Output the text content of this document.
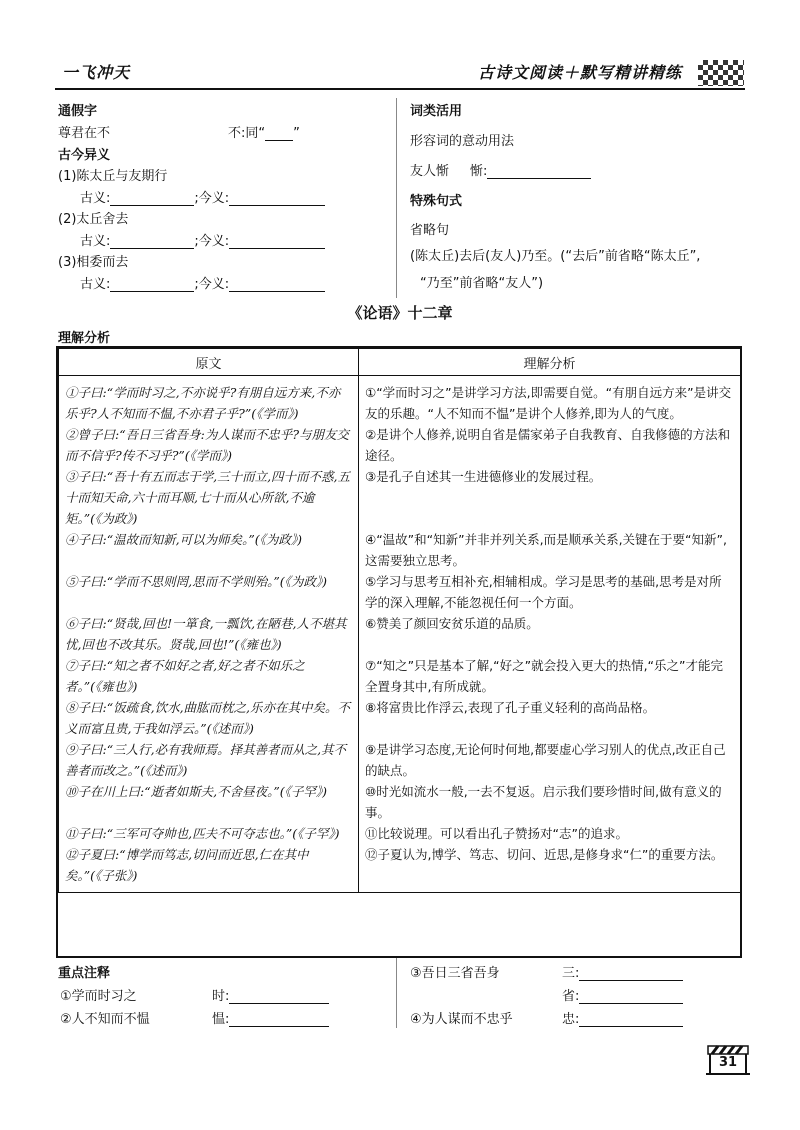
一飞冲天	古诗文阅读＋默写精讲精练
通假字
尊君在不	不:同“ ”
古今异义
(1)陈太丘与友期行
古义:	;今义:
(2)太丘舍去
古义:	;今义:
(3)相委而去
古义:	;今义:
词类活用
形容词的意动用法
友人惭 惭:
特殊句式
省略句
(陈太丘)去后(友人)乃至。(“去后”前省略“陈太丘”,
“乃至”前省略“友人”)
《论语》十二章
理解分析
原文	理解分析
①子曰:“学而时习之,不亦说乎?有朋自远方来,不亦乐乎?人不知而不愠,不亦君子乎?”(《学而》)	①“学而时习之”是讲学习方法,即需要自觉。“有朋自远方来”是讲交友的乐趣。“人不知而不愠”是讲个人修养,即为人的气度。
②曾子曰:“吾日三省吾身:为人谋而不忠乎?与朋友交而不信乎?传不习乎?”(《学而》)	②是讲个人修养,说明自省是儒家弟子自我教育、自我修德的方法和途径。
③子曰:“吾十有五而志于学,三十而立,四十而不惑,五十而知天命,六十而耳顺,七十而从心所欲,不逾矩。”(《为政》)	③是孔子自述其一生进德修业的发展过程。
④子曰:“温故而知新,可以为师矣。”(《为政》)	④“温故”和“知新”并非并列关系,而是顺承关系,关键在于要“知新”,这需要独立思考。
⑤子曰:“学而不思则罔,思而不学则殆。”(《为政》)	⑤学习与思考互相补充,相辅相成。学习是思考的基础,思考是对所学的深入理解,不能忽视任何一个方面。
⑥子曰:“贤哉,回也!一箪食,一瓢饮,在陋巷,人不堪其忧,回也不改其乐。贤哉,回也!”(《雍也》)	⑥赞美了颜回安贫乐道的品质。
⑦子曰:“知之者不如好之者,好之者不如乐之者。”(《雍也》)	⑦“知之”只是基本了解,“好之”就会投入更大的热情,“乐之”才能完全置身其中,有所成就。
⑧子曰:“饭疏食,饮水,曲肱而枕之,乐亦在其中矣。不义而富且贵,于我如浮云。”(《述而》)	⑧将富贵比作浮云,表现了孔子重义轻利的高尚品格。
⑨子曰:“三人行,必有我师焉。择其善者而从之,其不善者而改之。”(《述而》)	⑨是讲学习态度,无论何时何地,都要虚心学习别人的优点,改正自己的缺点。
⑩子在川上曰:“逝者如斯夫,不舍昼夜。”(《子罕》)	⑩时光如流水一般,一去不复返。启示我们要珍惜时间,做有意义的事。
⑪子曰:“三军可夺帅也,匹夫不可夺志也。”(《子罕》)	⑪比较说理。可以看出孔子赞扬对“志”的追求。
⑫子夏曰:“博学而笃志,切问而近思,仁在其中矣。”(《子张》)	⑫子夏认为,博学、笃志、切问、近思,是修身求“仁”的重要方法。
重点注释
①学而时习之	时:
②人不知而不愠	愠:
③吾日三省吾身	三:
省:
④为人谋而不忠乎	忠:
31
